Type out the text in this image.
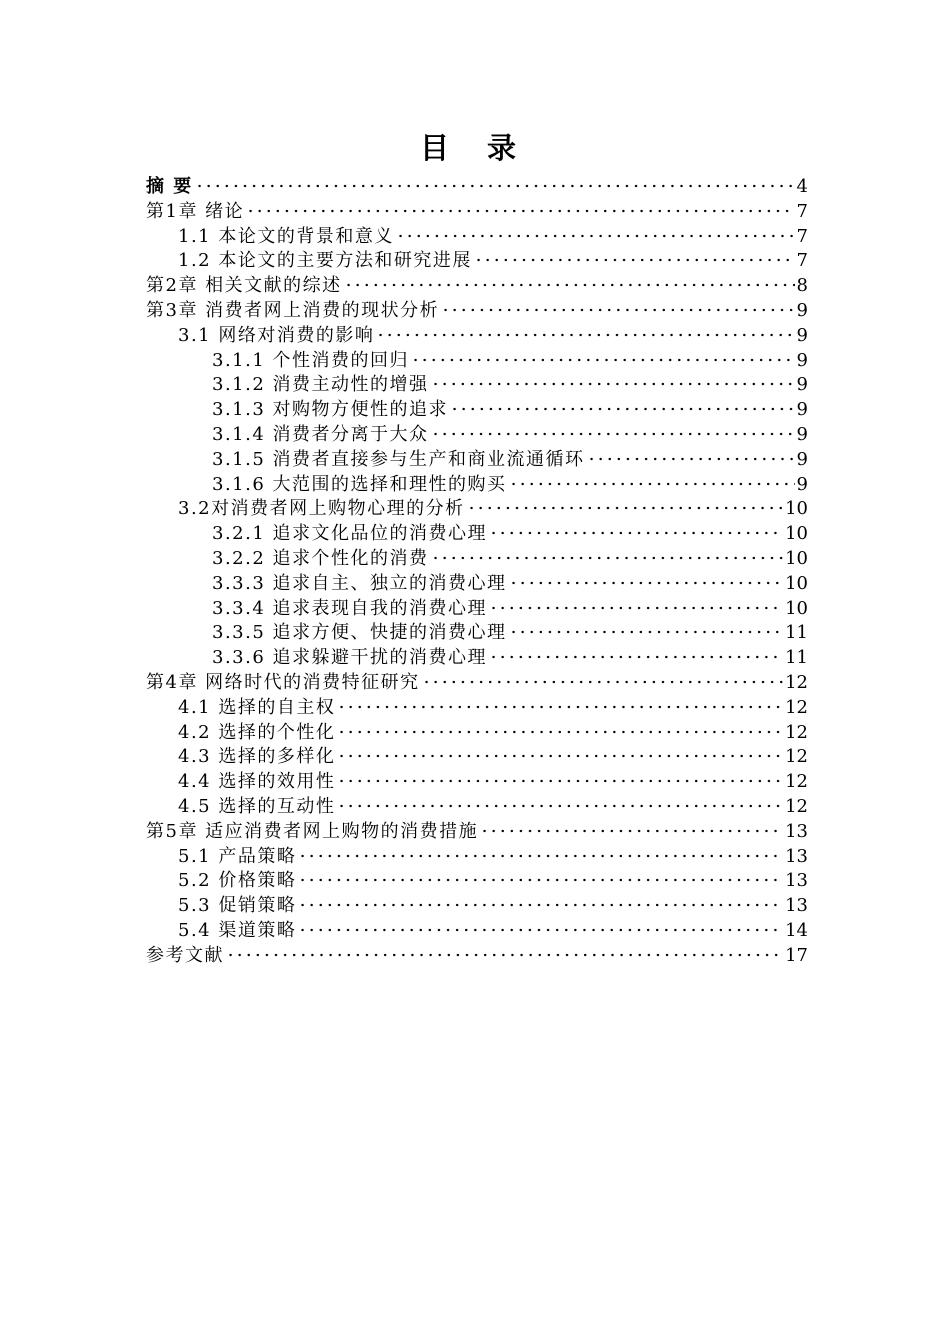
目 录
摘 要	4
第1章 绪论	7
1.1 本论文的背景和意义	7
1.2 本论文的主要方法和研究进展	7
第2章 相关文献的综述	8
第3章 消费者网上消费的现状分析	9
3.1 网络对消费的影响	9
3.1.1 个性消费的回归	9
3.1.2 消费主动性的增强	9
3.1.3 对购物方便性的追求	9
3.1.4 消费者分离于大众	9
3.1.5 消费者直接参与生产和商业流通循环	9
3.1.6 大范围的选择和理性的购买	9
3.2对消费者网上购物心理的分析	10
3.2.1 追求文化品位的消费心理	10
3.2.2 追求个性化的消费	10
3.3.3 追求自主、独立的消费心理	10
3.3.4 追求表现自我的消费心理	10
3.3.5 追求方便、快捷的消费心理	11
3.3.6 追求躲避干扰的消费心理	11
第4章 网络时代的消费特征研究	12
4.1 选择的自主权	12
4.2 选择的个性化	12
4.3 选择的多样化	12
4.4 选择的效用性	12
4.5 选择的互动性	12
第5章 适应消费者网上购物的消费措施	13
5.1 产品策略	13
5.2 价格策略	13
5.3 促销策略	13
5.4 渠道策略	14
参考文献	17
